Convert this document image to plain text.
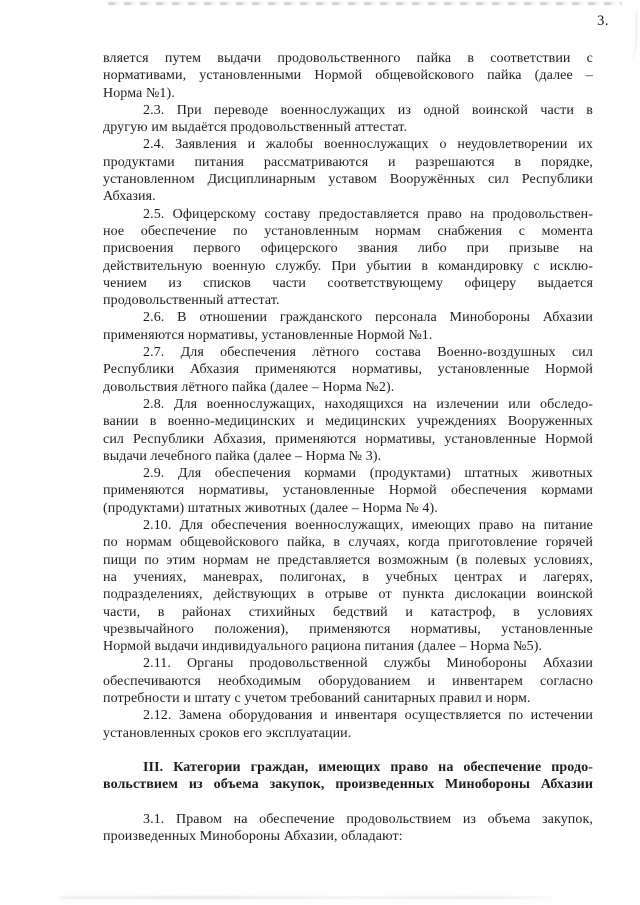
3.
вляется путем выдачи продовольственного пайка в соответствии с
нормативами, установленными Нормой общевойскового пайка (далее –
Норма №1).
2.3. При переводе военнослужащих из одной воинской части в
другую им выдаётся продовольственный аттестат.
2.4. Заявления и жалобы военнослужащих о неудовлетворении их
продуктами питания рассматриваются и разрешаются в порядке,
установленном Дисциплинарным уставом Вооружённых сил Республики
Абхазия.
2.5. Офицерскому составу предоставляется право на продовольствен-
ное обеспечение по установленным нормам снабжения с момента
присвоения первого офицерского звания либо при призыве на
действительную военную службу. При убытии в командировку с исклю-
чением из списков части соответствующему офицеру выдается
продовольственный аттестат.
2.6. В отношении гражданского персонала Минобороны Абхазии
применяются нормативы, установленные Нормой №1.
2.7. Для обеспечения лётного состава Военно-воздушных сил
Республики Абхазия применяются нормативы, установленные Нормой
довольствия лётного пайка (далее – Норма №2).
2.8. Для военнослужащих, находящихся на излечении или обследо-
вании в военно-медицинских и медицинских учреждениях Вооруженных
сил Республики Абхазия, применяются нормативы, установленные Нормой
выдачи лечебного пайка (далее – Норма № 3).
2.9. Для обеспечения кормами (продуктами) штатных животных
применяются нормативы, установленные Нормой обеспечения кормами
(продуктами) штатных животных (далее – Норма № 4).
2.10. Для обеспечения военнослужащих, имеющих право на питание
по нормам общевойскового пайка, в случаях, когда приготовление горячей
пищи по этим нормам не представляется возможным (в полевых условиях,
на учениях, маневрах, полигонах, в учебных центрах и лагерях,
подразделениях, действующих в отрыве от пункта дислокации воинской
части, в районах стихийных бедствий и катастроф, в условиях
чрезвычайного положения), применяются нормативы, установленные
Нормой выдачи индивидуального рациона питания (далее – Норма №5).
2.11. Органы продовольственной службы Минобороны Абхазии
обеспечиваются необходимым оборудованием и инвентарем согласно
потребности и штату с учетом требований санитарных правил и норм.
2.12. Замена оборудования и инвентаря осуществляется по истечении
установленных сроков его эксплуатации.
III. Категории граждан, имеющих право на обеспечение продо-
вольствием из объема закупок, произведенных Минобороны Абхазии
3.1. Правом на обеспечение продовольствием из объема закупок,
произведенных Минобороны Абхазии, обладают:
